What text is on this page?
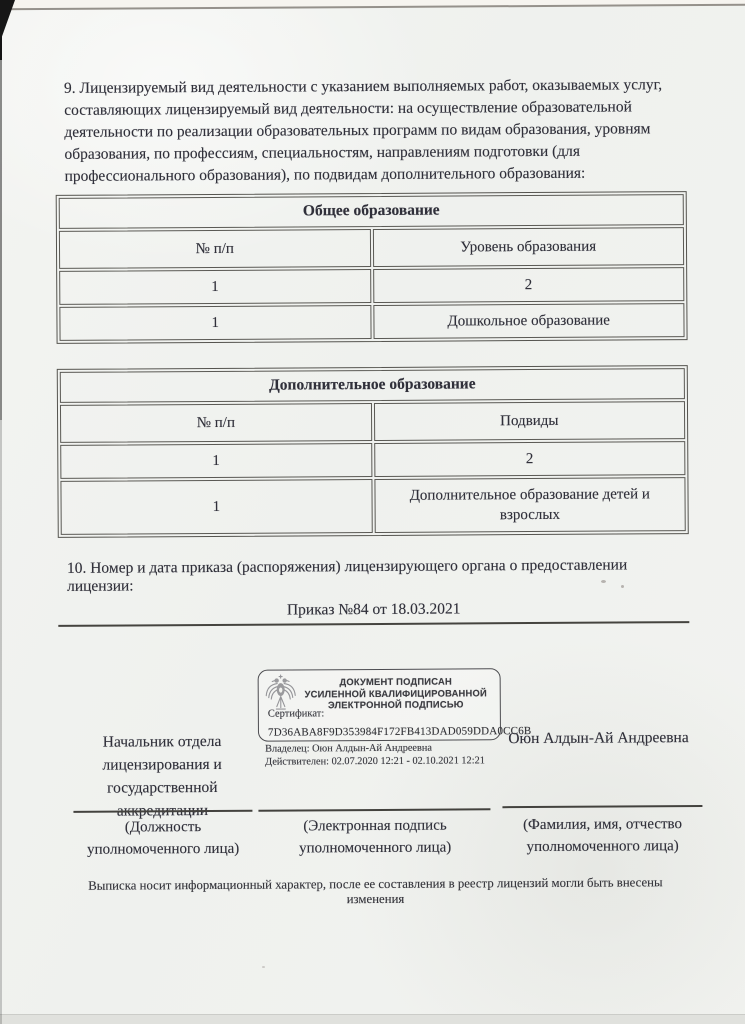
9. Лицензируемый вид деятельности с указанием выполняемых работ, оказываемых услуг, составляющих лицензируемый вид деятельности: на осуществление образовательной деятельности по реализации образовательных программ по видам образования, уровням образования, по профессиям, специальностям, направлениям подготовки (для профессионального образования), по подвидам дополнительного образования:

Общее образование	
№ п/п	Уровень образования
1	2
1	Дошкольное образование
Дополнительное образование	
№ п/п	Подвиды
1	2
1	Дополнительное образование детей и взрослых

10. Номер и дата приказа (распоряжения) лицензирующего органа о предоставлении лицензии:

Приказ №84 от 18.03.2021
Начальник отдела лицензирования и государственной аккредитации
ДОКУМЕНТ ПОДПИСАН
УСИЛЕННОЙ КВАЛИФИЦИРОВАННОЙ
ЭЛЕКТРОННОЙ ПОДПИСЬЮ
Сертификат:
7D36ABA8F9D353984F172FB413DAD059DDA0CC6B
Владелец: Оюн Алдын-Ай Андреевна
Действителен: 02.07.2020 12:21 - 02.10.2021 12:21
Оюн Алдын-Ай Андреевна
(Должность уполномоченного лица)
(Электронная подпись уполномоченного лица)
(Фамилия, имя, отчество уполномоченного лица)

Выписка носит информационный характер, после ее составления в реестр лицензий могли быть внесены изменения
